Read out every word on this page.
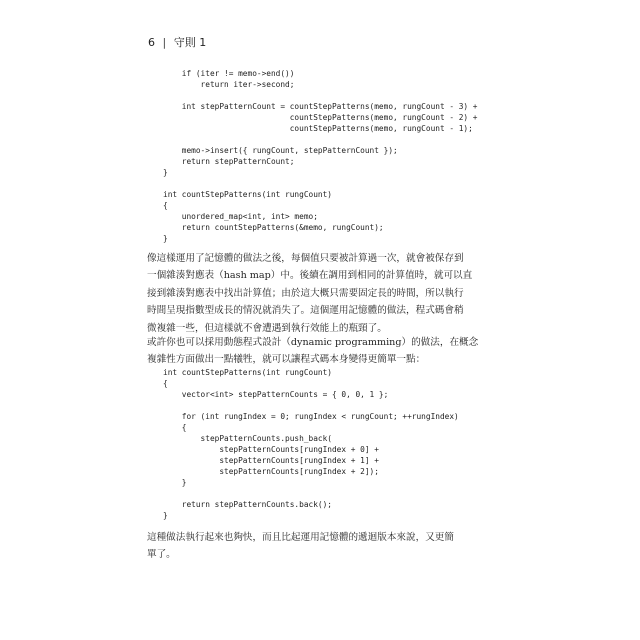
6 | 守則 1
if (iter != memo->end())
return iter->second;
int stepPatternCount = countStepPatterns(memo, rungCount - 3) +
countStepPatterns(memo, rungCount - 2) +
countStepPatterns(memo, rungCount - 1);
memo->insert({ rungCount, stepPatternCount });
return stepPatternCount;
}
int countStepPatterns(int rungCount)
{
unordered_map<int, int> memo;
return countStepPatterns(&memo, rungCount);
}
像這樣運用了記憶體的做法之後，每個值只要被計算過一次，就會被保存到
一個雜湊對應表（hash map）中。後續在調用到相同的計算值時，就可以直
接到雜湊對應表中找出計算值；由於這大概只需要固定長的時間，所以執行
時間呈現指數型成長的情況就消失了。這個運用記憶體的做法，程式碼會稍
微複雜一些，但這樣就不會遭遇到執行效能上的瓶頸了。
或許你也可以採用動態程式設計（dynamic programming）的做法，在概念
複雜性方面做出一點犧牲，就可以讓程式碼本身變得更簡單一點：
int countStepPatterns(int rungCount)
{
vector<int> stepPatternCounts = { 0, 0, 1 };
for (int rungIndex = 0; rungIndex < rungCount; ++rungIndex)
{
stepPatternCounts.push_back(
stepPatternCounts[rungIndex + 0] +
stepPatternCounts[rungIndex + 1] +
stepPatternCounts[rungIndex + 2]);
}
return stepPatternCounts.back();
}
這種做法執行起來也夠快，而且比起運用記憶體的遞迴版本來說，又更簡
單了。
